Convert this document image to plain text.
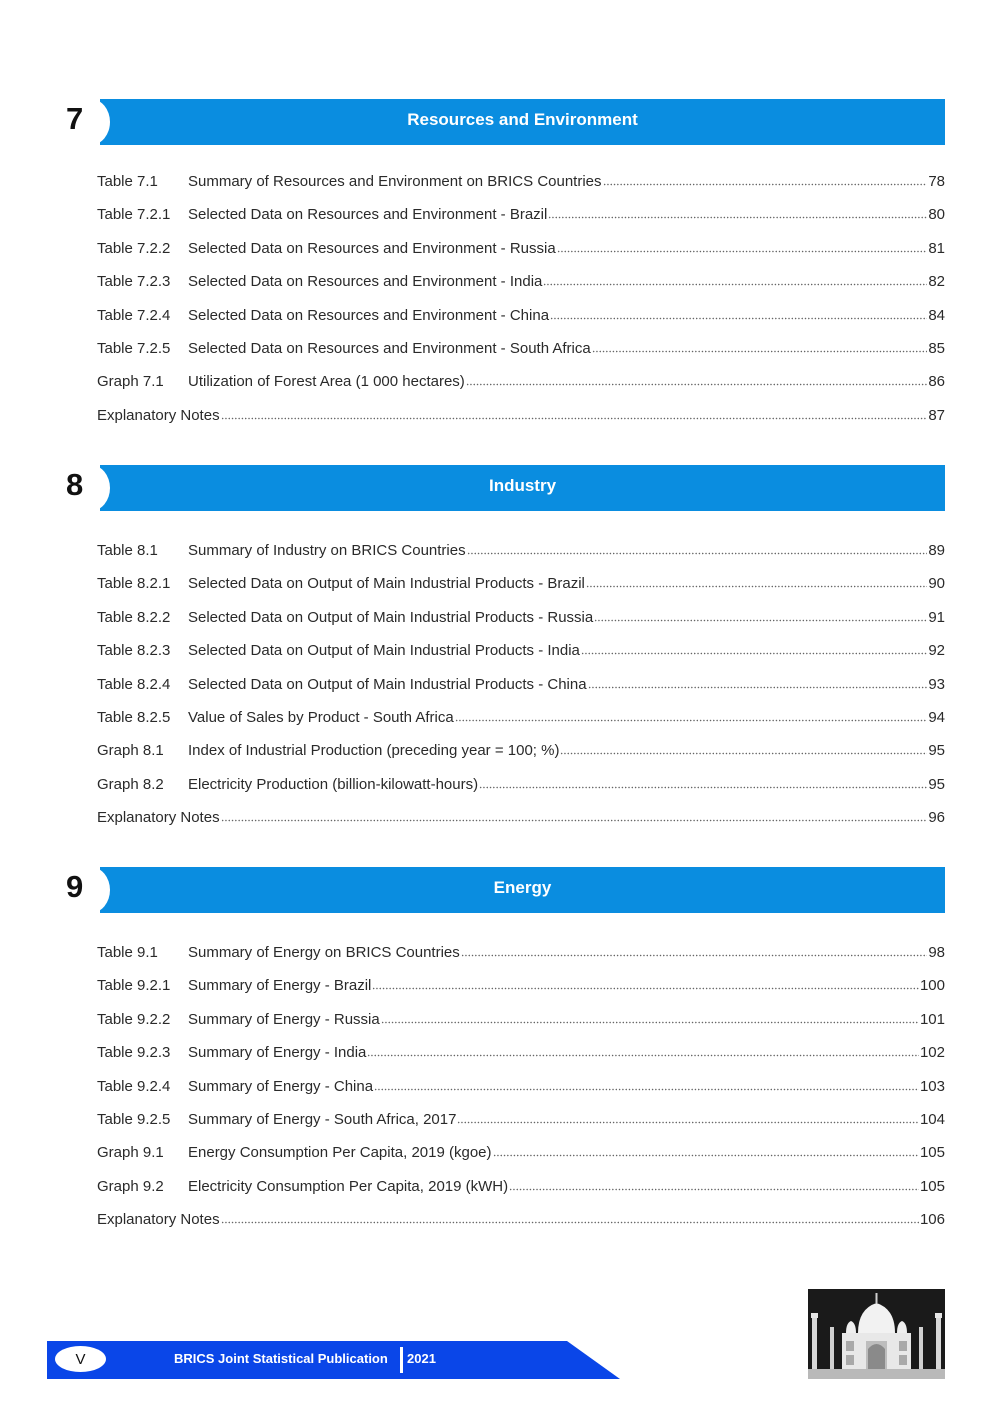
7	Resources and Environment
Table 7.1	Summary of Resources and Environment on BRICS Countries	78
Table 7.2.1	Selected Data on Resources and Environment - Brazil	80
Table 7.2.2	Selected Data on Resources and Environment - Russia	81
Table 7.2.3	Selected Data on Resources and Environment - India	82
Table 7.2.4	Selected Data on Resources and Environment - China	84
Table 7.2.5	Selected Data on Resources and Environment - South Africa	85
Graph 7.1	Utilization of Forest Area (1 000 hectares)	86
Explanatory Notes	87
8	Industry
Table 8.1	Summary of Industry on BRICS Countries	89
Table 8.2.1	Selected Data on Output of Main Industrial Products - Brazil	90
Table 8.2.2	Selected Data on Output of Main Industrial Products - Russia	91
Table 8.2.3	Selected Data on Output of Main Industrial Products - India	92
Table 8.2.4	Selected Data on Output of Main Industrial Products - China	93
Table 8.2.5	Value of Sales by Product - South Africa	94
Graph 8.1	Index of Industrial Production (preceding year = 100; %)	95
Graph 8.2	Electricity Production (billion-kilowatt-hours)	95
Explanatory Notes	96
9	Energy
Table 9.1	Summary of Energy on BRICS Countries	98
Table 9.2.1	Summary of Energy - Brazil	100
Table 9.2.2	Summary of Energy - Russia	101
Table 9.2.3	Summary of Energy - India	102
Table 9.2.4	Summary of Energy - China	103
Table 9.2.5	Summary of Energy - South Africa, 2017	104
Graph 9.1	Energy Consumption Per Capita, 2019 (kgoe)	105
Graph 9.2	Electricity Consumption Per Capita, 2019 (kWH)	105
Explanatory Notes	106
V	BRICS Joint Statistical Publication 2021
